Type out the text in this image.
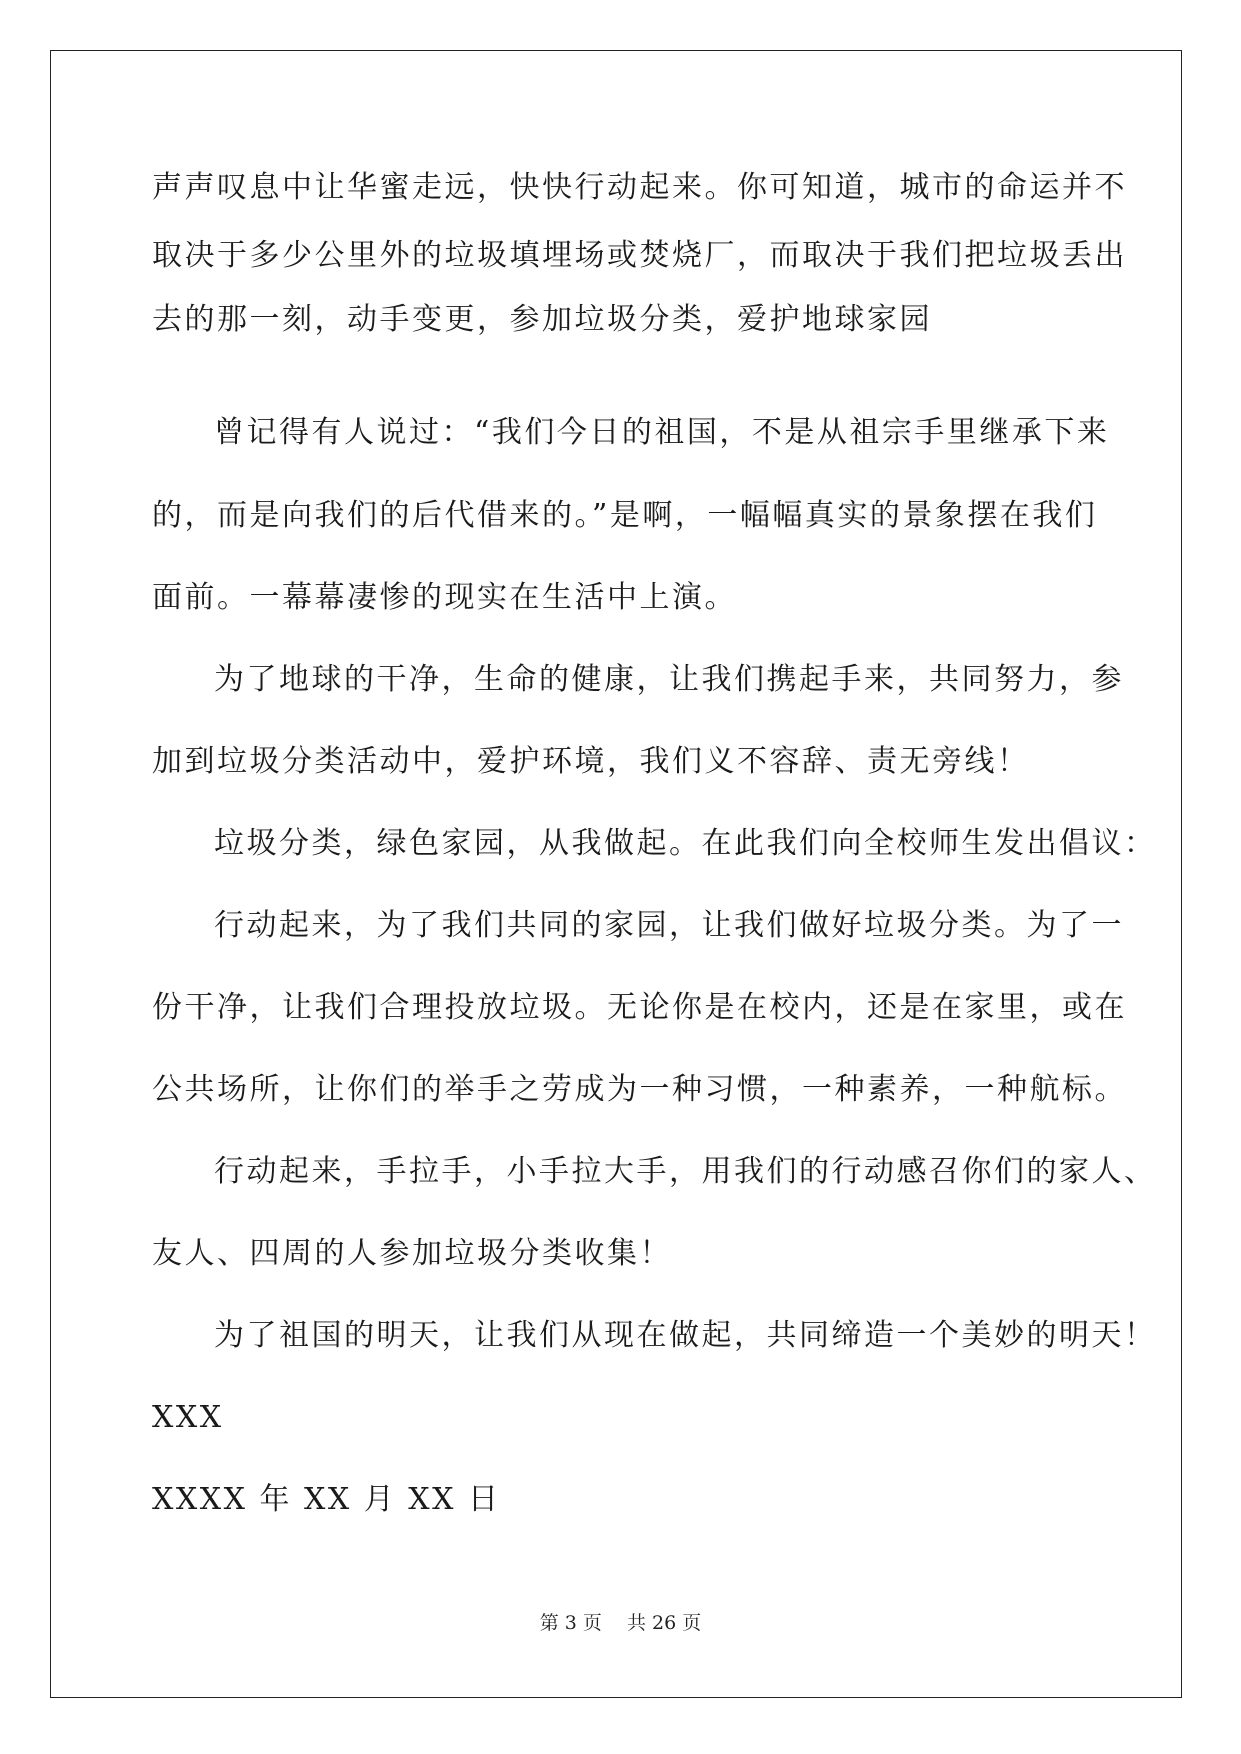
声声叹息中让华蜜走远，快快行动起来。你可知道，城市的命运并不
取决于多少公里外的垃圾填埋场或焚烧厂，而取决于我们把垃圾丢出
去的那一刻，动手变更，参加垃圾分类，爱护地球家园
曾记得有人说过：“我们今日的祖国，不是从祖宗手里继承下来
的，而是向我们的后代借来的。”是啊，一幅幅真实的景象摆在我们
面前。一幕幕凄惨的现实在生活中上演。
为了地球的干净，生命的健康，让我们携起手来，共同努力，参
加到垃圾分类活动中，爱护环境，我们义不容辞、责无旁线！
垃圾分类，绿色家园，从我做起。在此我们向全校师生发出倡议：
行动起来，为了我们共同的家园，让我们做好垃圾分类。为了一
份干净，让我们合理投放垃圾。无论你是在校内，还是在家里，或在
公共场所，让你们的举手之劳成为一种习惯，一种素养，一种航标。
行动起来，手拉手，小手拉大手，用我们的行动感召你们的家人、
友人、四周的人参加垃圾分类收集！
为了祖国的明天，让我们从现在做起，共同缔造一个美妙的明天！
XXX
XXXX 年 XX 月 XX 日
第 3 页　 共 26 页
